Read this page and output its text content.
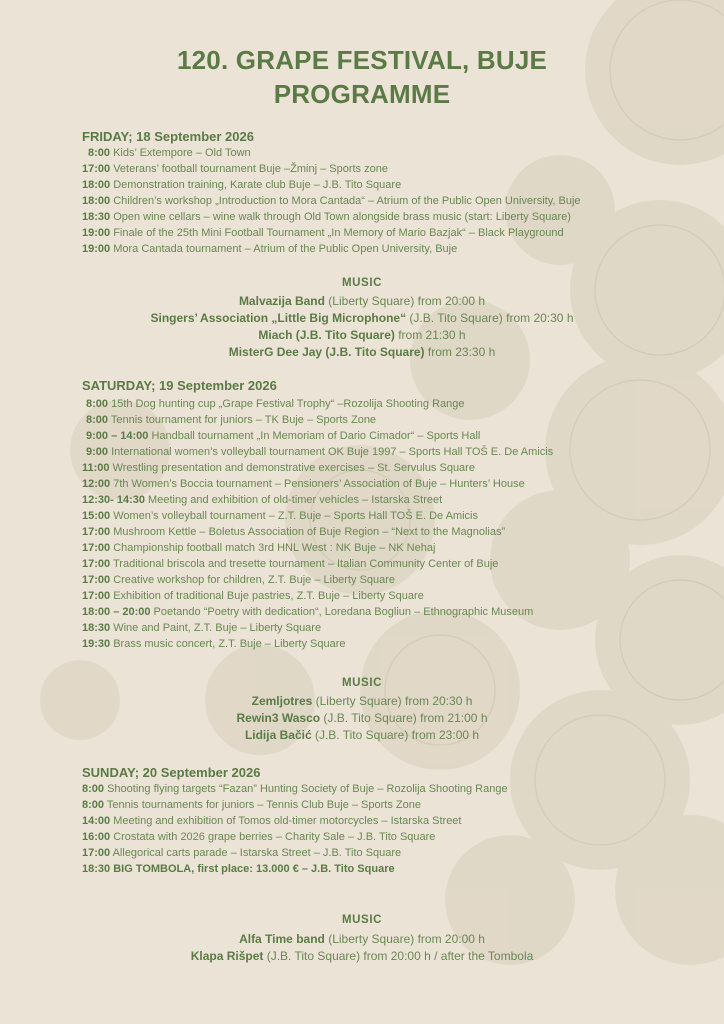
120. GRAPE FESTIVAL, BUJE
PROGRAMME
FRIDAY; 18 September 2026
8:00 Kids’ Extempore – Old Town
17:00 Veterans’ football tournament Buje –Žminj – Sports zone
18:00 Demonstration training, Karate club Buje – J.B. Tito Square
18:00 Children’s workshop „Introduction to Mora Cantada“ – Atrium of the Public Open University, Buje
18:30 Open wine cellars – wine walk through Old Town alongside brass music (start: Liberty Square)
19:00 Finale of the 25th Mini Football Tournament „In Memory of Mario Bazjak“ – Black Playground
19:00 Mora Cantada tournament – Atrium of the Public Open University, Buje
MUSIC
Malvazija Band (Liberty Square) from 20:00 h
Singers’ Association „Little Big Microphone“ (J.B. Tito Square) from 20:30 h
Miach (J.B. Tito Square) from 21:30 h
MisterG Dee Jay (J.B. Tito Square) from 23:30 h
SATURDAY; 19 September 2026
8:00 15th Dog hunting cup „Grape Festival Trophy“ –Rozolija Shooting Range
8:00 Tennis tournament for juniors – TK Buje – Sports Zone
9:00 – 14:00 Handball tournament „In Memoriam of Dario Cimador“ – Sports Hall
9:00 International women’s volleyball tournament OK Buje 1997 – Sports Hall TOŠ E. De Amicis
11:00 Wrestling presentation and demonstrative exercises – St. Servulus Square
12:00 7th Women’s Boccia tournament – Pensioners’ Association of Buje – Hunters’ House
12:30- 14:30 Meeting and exhibition of old-timer vehicles – Istarska Street
15:00 Women’s volleyball tournament – Z.T. Buje – Sports Hall TOŠ E. De Amicis
17:00 Mushroom Kettle – Boletus Association of Buje Region – “Next to the Magnolias”
17:00 Championship football match 3rd HNL West : NK Buje – NK Nehaj
17:00 Traditional briscola and tresette tournament – Italian Community Center of Buje
17:00 Creative workshop for children, Z.T. Buje – Liberty Square
17:00 Exhibition of traditional Buje pastries, Z.T. Buje – Liberty Square
18:00 – 20:00 Poetando “Poetry with dedication“, Loredana Bogliun – Ethnographic Museum
18:30 Wine and Paint, Z.T. Buje – Liberty Square
19:30 Brass music concert, Z.T. Buje – Liberty Square
MUSIC
Zemljotres (Liberty Square) from 20:30 h
Rewin3 Wasco (J.B. Tito Square) from 21:00 h
Lidija Bačić (J.B. Tito Square) from 23:00 h
SUNDAY; 20 September 2026
8:00 Shooting flying targets “Fazan” Hunting Society of Buje – Rozolija Shooting Range
8:00 Tennis tournaments for juniors – Tennis Club Buje – Sports Zone
14:00 Meeting and exhibition of Tomos old-timer motorcycles – Istarska Street
16:00 Crostata with 2026 grape berries – Charity Sale – J.B. Tito Square
17:00 Allegorical carts parade – Istarska Street – J.B. Tito Square
18:30 BIG TOMBOLA, first place: 13.000 € – J.B. Tito Square
MUSIC
Alfa Time band (Liberty Square) from 20:00 h
Klapa Rišpet (J.B. Tito Square) from 20:00 h / after the Tombola
